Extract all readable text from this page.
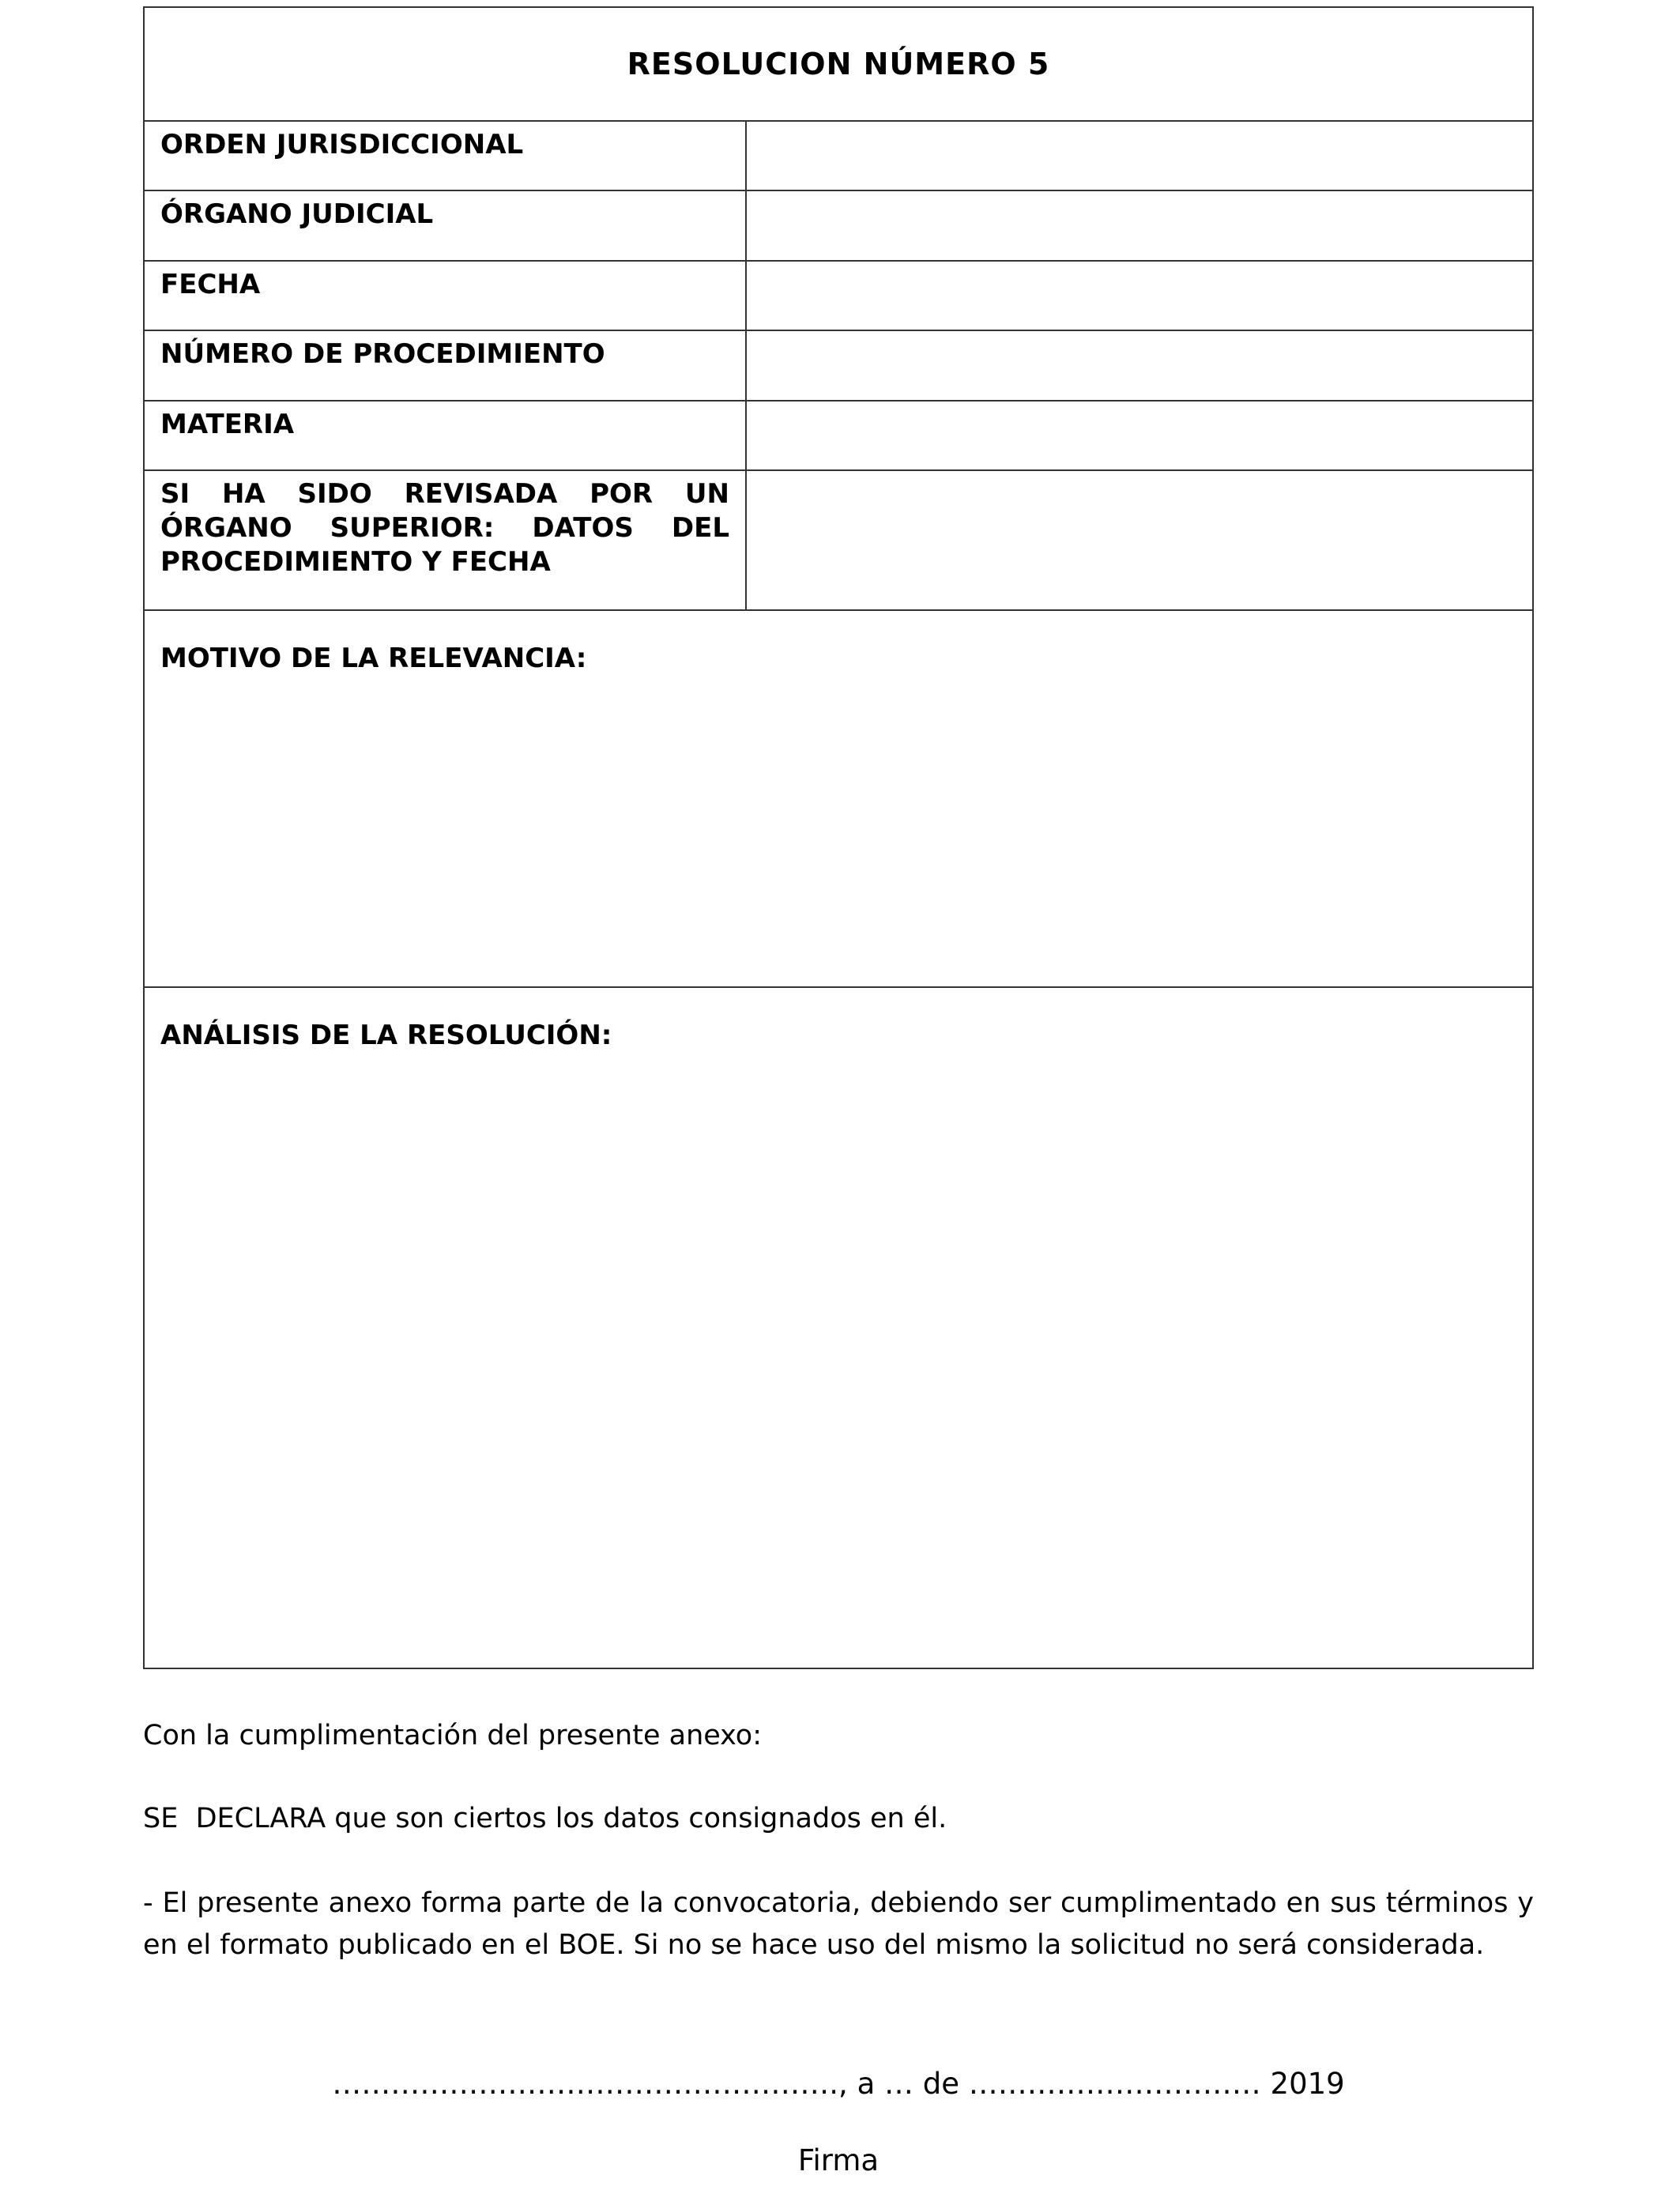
RESOLUCION NÚMERO 5
ORDEN JURISDICCIONAL
ÓRGANO JUDICIAL
FECHA
NÚMERO DE PROCEDIMIENTO
MATERIA
SI HA SIDO REVISADA POR UN ÓRGANO SUPERIOR: DATOS DEL PROCEDIMIENTO Y FECHA
MOTIVO DE LA RELEVANCIA:
ANÁLISIS DE LA RESOLUCIÓN:
Con la cumplimentación del presente anexo:
SE  DECLARA que son ciertos los datos consignados en él.
- El presente anexo forma parte de la convocatoria, debiendo ser cumplimentado en sus términos y en el formato publicado en el BOE. Si no se hace uso del mismo la solicitud no será considerada.
……………………………………………., a … de ………………………… 2019
Firma
